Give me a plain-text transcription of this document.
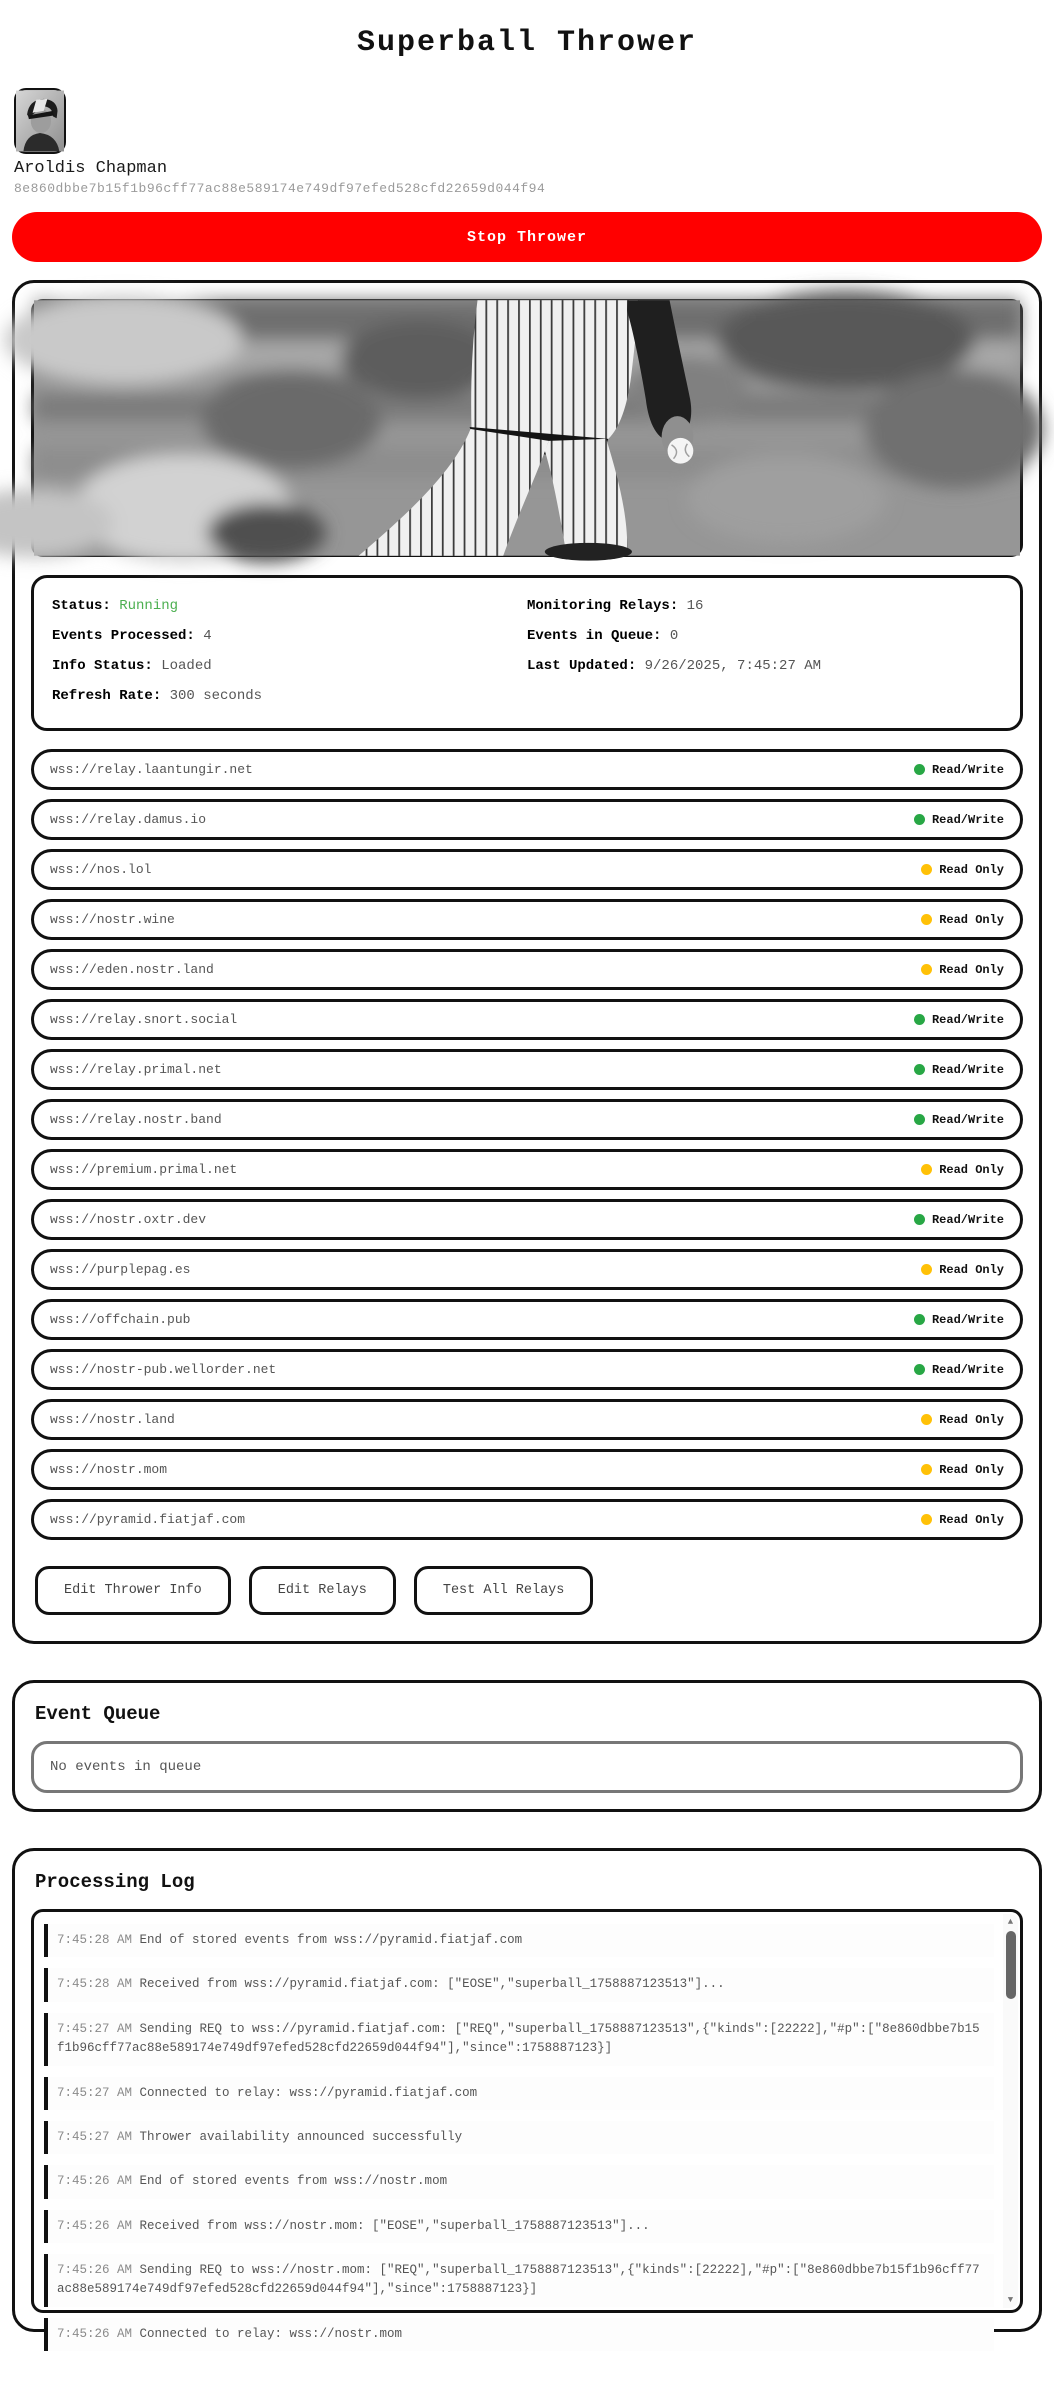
Superball Thrower
Aroldis Chapman
8e860dbbe7b15f1b96cff77ac88e589174e749df97efed528cfd22659d044f94
Stop Thrower
Status: Running
Events Processed: 4
Info Status: Loaded
Refresh Rate: 300 seconds
Monitoring Relays: 16
Events in Queue: 0
Last Updated: 9/26/2025, 7:45:27 AM
wss://relay.laantungir.net	Read/Write
wss://relay.damus.io	Read/Write
wss://nos.lol	Read Only
wss://nostr.wine	Read Only
wss://eden.nostr.land	Read Only
wss://relay.snort.social	Read/Write
wss://relay.primal.net	Read/Write
wss://relay.nostr.band	Read/Write
wss://premium.primal.net	Read Only
wss://nostr.oxtr.dev	Read/Write
wss://purplepag.es	Read Only
wss://offchain.pub	Read/Write
wss://nostr-pub.wellorder.net	Read/Write
wss://nostr.land	Read Only
wss://nostr.mom	Read Only
wss://pyramid.fiatjaf.com	Read Only
Edit Thrower Info	Edit Relays	Test All Relays
Event Queue
No events in queue
Processing Log
7:45:28 AM End of stored events from wss://pyramid.fiatjaf.com
7:45:28 AM Received from wss://pyramid.fiatjaf.com: ["EOSE","superball_1758887123513"]...
7:45:27 AM Sending REQ to wss://pyramid.fiatjaf.com: ["REQ","superball_1758887123513",{"kinds":[22222],"#p":["8e860dbbe7b15f1b96cff77ac88e589174e749df97efed528cfd22659d044f94"],"since":1758887123}]
7:45:27 AM Connected to relay: wss://pyramid.fiatjaf.com
7:45:27 AM Thrower availability announced successfully
7:45:26 AM End of stored events from wss://nostr.mom
7:45:26 AM Received from wss://nostr.mom: ["EOSE","superball_1758887123513"]...
7:45:26 AM Sending REQ to wss://nostr.mom: ["REQ","superball_1758887123513",{"kinds":[22222],"#p":["8e860dbbe7b15f1b96cff77ac88e589174e749df97efed528cfd22659d044f94"],"since":1758887123}]
7:45:26 AM Connected to relay: wss://nostr.mom
▲
▼
